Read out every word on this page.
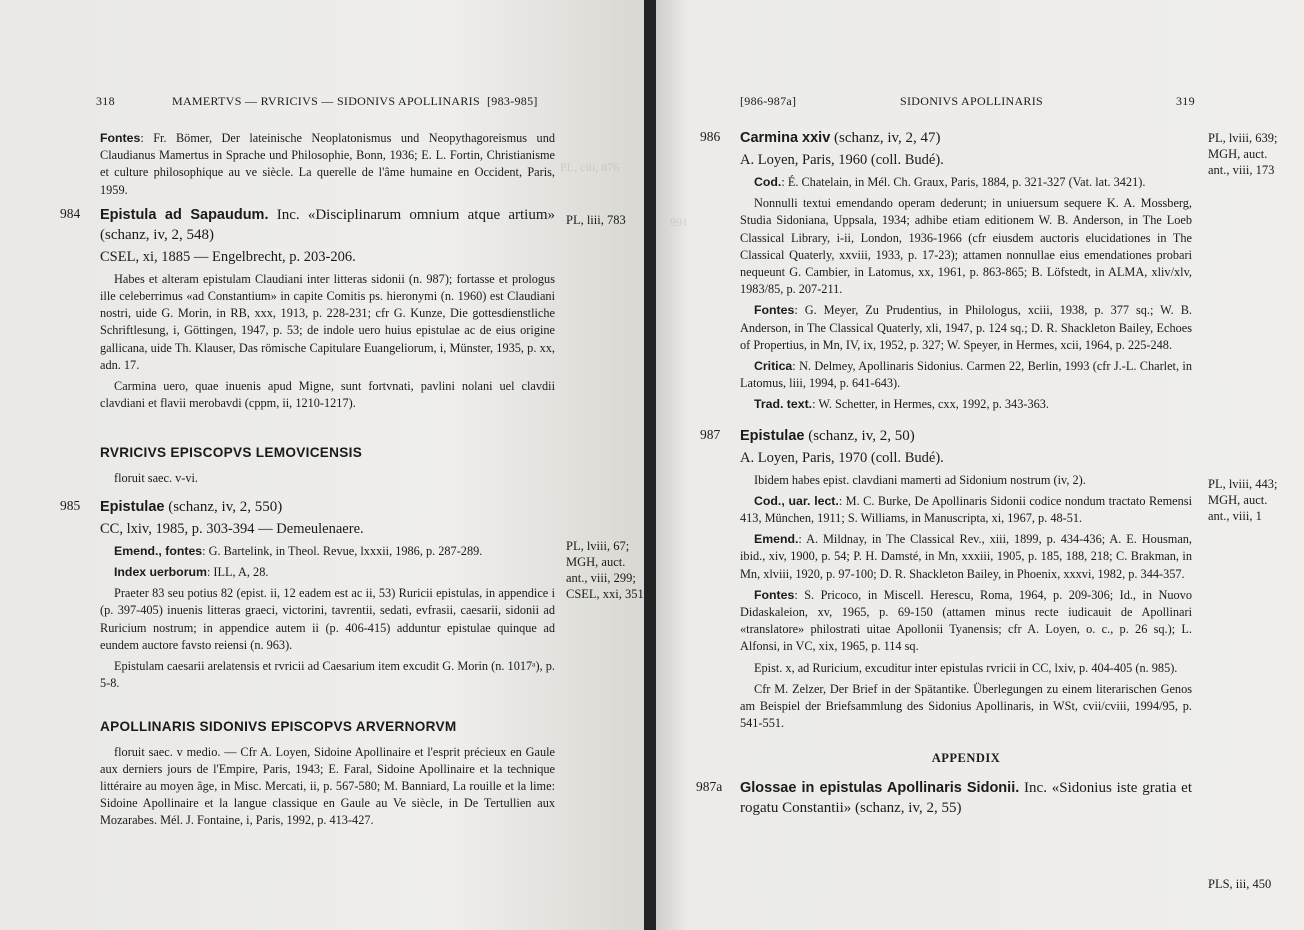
PL, ciii, 876
318	MAMERTVS — RVRICIVS — SIDONIVS APOLLINARIS [983-985]

Fontes: Fr. Bömer, Der lateinische Neoplatonismus und Neopythagoreismus und Claudianus Mamertus in Sprache und Philosophie, Bonn, 1936; E. L. Fortin, Christianisme et culture philosophique au ve siècle. La querelle de l'âme humaine en Occident, Paris, 1959.

984 Epistula ad Sapaudum. Inc. «Disciplinarum omnium atque artium» (schanz, iv, 2, 548)
CSEL, xi, 1885 — Engelbrecht, p. 203-206.

Habes et alteram epistulam Claudiani inter litteras sidonii (n. 987); fortasse et prologus ille celeberrimus «ad Constantium» in capite Comitis ps. hieronymi (n. 1960) est Claudiani nostri, uide G. Morin, in RB, xxx, 1913, p. 228-231; cfr G. Kunze, Die gottesdienstliche Schriftlesung, i, Göttingen, 1947, p. 53; de indole uero huius epistulae ac de eius origine gallicana, uide Th. Klauser, Das römische Capitulare Euangeliorum, i, Münster, 1935, p. xx, adn. 17.

Carmina uero, quae inuenis apud Migne, sunt fortvnati, pavlini nolani uel clavdii clavdiani et flavii merobavdi (cppm, ii, 1210-1217).

RVRICIVS EPISCOPVS LEMOVICENSIS

floruit saec. v-vi.

985 Epistulae (schanz, iv, 2, 550)
CC, lxiv, 1985, p. 303-394 — Demeulenaere.

Emend., fontes: G. Bartelink, in Theol. Revue, lxxxii, 1986, p. 287-289.

Index uerborum: ILL, A, 28.

Praeter 83 seu potius 82 (epist. ii, 12 eadem est ac ii, 53) Ruricii epistulas, in appendice i (p. 397-405) inuenis litteras graeci, victorini, tavrentii, sedati, evfrasii, caesarii, sidonii ad Ruricium nostrum; in appendice autem ii (p. 406-415) adduntur epistulae quinque ad eundem auctore favsto reiensi (n. 963).

Epistulam caesarii arelatensis et rvricii ad Caesarium item excudit G. Morin (n. 1017ᵃ), p. 5-8.

APOLLINARIS SIDONIVS EPISCOPVS ARVERNORVM

floruit saec. v medio. — Cfr A. Loyen, Sidoine Apollinaire et l'esprit précieux en Gaule aux derniers jours de l'Empire, Paris, 1943; E. Faral, Sidoine Apollinaire et la technique littéraire au moyen âge, in Misc. Mercati, ii, p. 567-580; M. Banniard, La rouille et la lime: Sidoine Apollinaire et la langue classique en Gaule au Ve siècle, in De Tertullien aux Mozarabes. Mél. J. Fontaine, i, Paris, 1992, p. 413-427.

PL, liii, 783
PL, lviii, 67; MGH, auct. ant., viii, 299; CSEL, xxi, 351
991
[986-987a]	SIDONIVS APOLLINARIS	319
986 Carmina xxiv (schanz, iv, 2, 47)
A. Loyen, Paris, 1960 (coll. Budé).

Cod.: É. Chatelain, in Mél. Ch. Graux, Paris, 1884, p. 321-327 (Vat. lat. 3421).

Nonnulli textui emendando operam dederunt; in uniuersum sequere K. A. Mossberg, Studia Sidoniana, Uppsala, 1934; adhibe etiam editionem W. B. Anderson, in The Loeb Classical Library, i-ii, London, 1936-1966 (cfr eiusdem auctoris elucidationes in The Classical Quaterly, xxviii, 1933, p. 17-23); attamen nonnullae eius emendationes probari nequeunt G. Cambier, in Latomus, xx, 1961, p. 863-865; B. Löfstedt, in ALMA, xliv/xlv, 1983/85, p. 207-211.

Fontes: G. Meyer, Zu Prudentius, in Philologus, xciii, 1938, p. 377 sq.; W. B. Anderson, in The Classical Quaterly, xli, 1947, p. 124 sq.; D. R. Shackleton Bailey, Echoes of Propertius, in Mn, IV, ix, 1952, p. 327; W. Speyer, in Hermes, xcii, 1964, p. 225-248.

Critica: N. Delmey, Apollinaris Sidonius. Carmen 22, Berlin, 1993 (cfr J.-L. Charlet, in Latomus, liii, 1994, p. 641-643).

Trad. text.: W. Schetter, in Hermes, cxx, 1992, p. 343-363.

987 Epistulae (schanz, iv, 2, 50)
A. Loyen, Paris, 1970 (coll. Budé).

Ibidem habes epist. clavdiani mamerti ad Sidonium nostrum (iv, 2).

Cod., uar. lect.: M. C. Burke, De Apollinaris Sidonii codice nondum tractato Remensi 413, München, 1911; S. Williams, in Manuscripta, xi, 1967, p. 48-51.

Emend.: A. Mildnay, in The Classical Rev., xiii, 1899, p. 434-436; A. E. Housman, ibid., xiv, 1900, p. 54; P. H. Damsté, in Mn, xxxiii, 1905, p. 185, 188, 218; C. Brakman, in Mn, xlviii, 1920, p. 97-100; D. R. Shackleton Bailey, in Phoenix, xxxvi, 1982, p. 344-357.

Fontes: S. Pricoco, in Miscell. Herescu, Roma, 1964, p. 209-306; Id., in Nuovo Didaskaleion, xv, 1965, p. 69-150 (attamen minus recte iudicauit de Apollinari «translatore» philostrati uitae Apollonii Tyanensis; cfr A. Loyen, o. c., p. 26 sq.); L. Alfonsi, in VC, xix, 1965, p. 114 sq.

Epist. x, ad Ruricium, excuditur inter epistulas rvricii in CC, lxiv, p. 404-405 (n. 985).

Cfr M. Zelzer, Der Brief in der Spätantike. Überlegungen zu einem literarischen Genos am Beispiel der Briefsammlung des Sidonius Apollinaris, in WSt, cvii/cviii, 1994/95, p. 541-551.

APPENDIX
987a Glossae in epistulas Apollinaris Sidonii. Inc. «Sidonius iste gratia et rogatu Constantii» (schanz, iv, 2, 55)
PL, lviii, 639; MGH, auct. ant., viii, 173
PL, lviii, 443; MGH, auct. ant., viii, 1
PLS, iii, 450
